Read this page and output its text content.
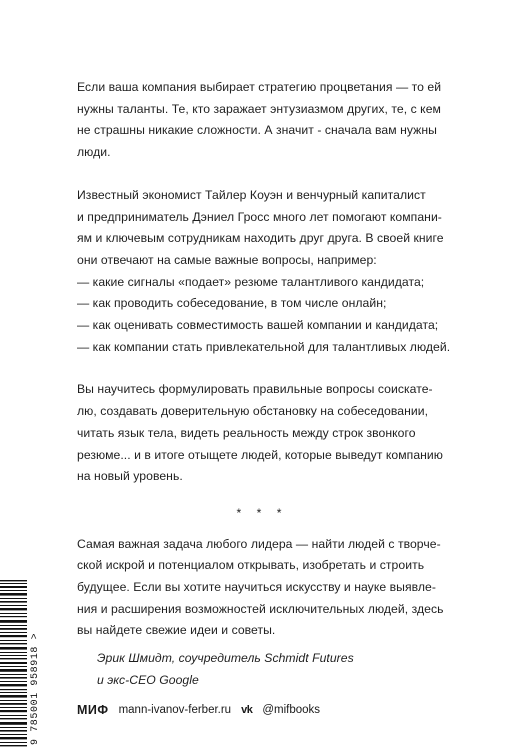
Если ваша компания выбирает стратегию процветания — то ей
нужны таланты. Те, кто заражает энтузиазмом других, те, с кем
не страшны никакие сложности. А значит - сначала вам нужны
люди.

Известный экономист Тайлер Коуэн и венчурный капиталист
и предприниматель Дэниел Гросс много лет помогают компани-
ям и ключевым сотрудникам находить друг друга. В своей книге
они отвечают на самые важные вопросы, например:
— какие сигналы «подает» резюме талантливого кандидата;
— как проводить собеседование, в том числе онлайн;
— как оценивать совместимость вашей компании и кандидата;
— как компании стать привлекательной для талантливых людей.

Вы научитесь формулировать правильные вопросы соискате-
лю, создавать доверительную обстановку на собеседовании,
читать язык тела, видеть реальность между строк звонкого
резюме... и в итоге отыщете людей, которые выведут компанию
на новый уровень.

* * *

Самая важная задача любого лидера — найти людей с творче-
ской искрой и потенциалом открывать, изобретать и строить
будущее. Если вы хотите научиться искусству и науке выявле-
ния и расширения возможностей исключительных людей, здесь
вы найдете свежие идеи и советы.

Эрик Шмидт, соучредитель Schmidt Futures
и экс-CEO Google
9 785001 958918 >	МИФ mann-ivanov-ferber.ru vk @mifbooks
